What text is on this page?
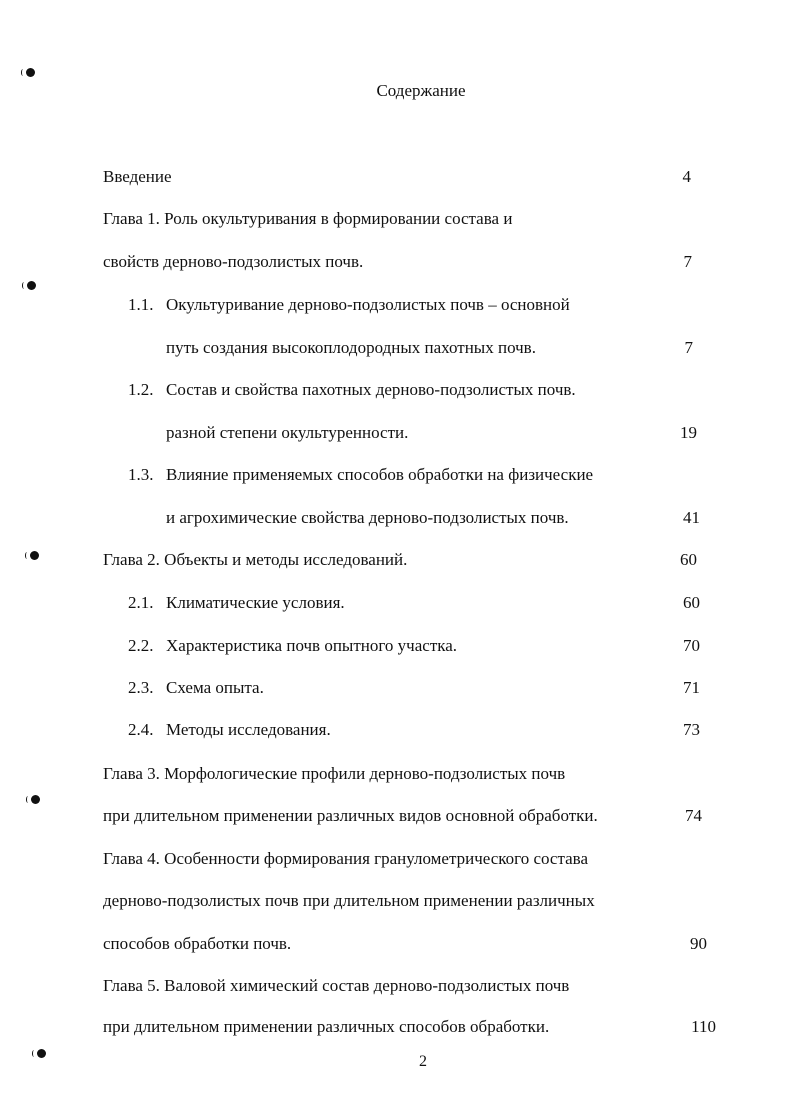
Содержание
Введение	4
Глава 1. Роль окультуривания в формировании состава и
свойств дерново-подзолистых почв.	7
1.1. Окультуривание дерново-подзолистых почв – основной
путь создания высокоплодородных пахотных почв.	7
1.2. Состав и свойства пахотных дерново-подзолистых почв.
разной степени окультуренности.	19
1.3. Влияние применяемых способов обработки на физические
и агрохимические свойства дерново-подзолистых почв.	41
Глава 2. Объекты и методы исследований.	60
2.1. Климатические условия.	60
2.2. Характеристика почв опытного участка.	70
2.3. Схема опыта.	71
2.4. Методы исследования.	73
Глава 3. Морфологические профили дерново-подзолистых почв
при длительном применении различных видов основной обработки.	74
Глава 4. Особенности формирования гранулометрического состава
дерново-подзолистых почв при длительном применении различных
способов обработки почв.	90
Глава 5. Валовой химический состав дерново-подзолистых почв
при длительном применении различных способов обработки.	110
2
